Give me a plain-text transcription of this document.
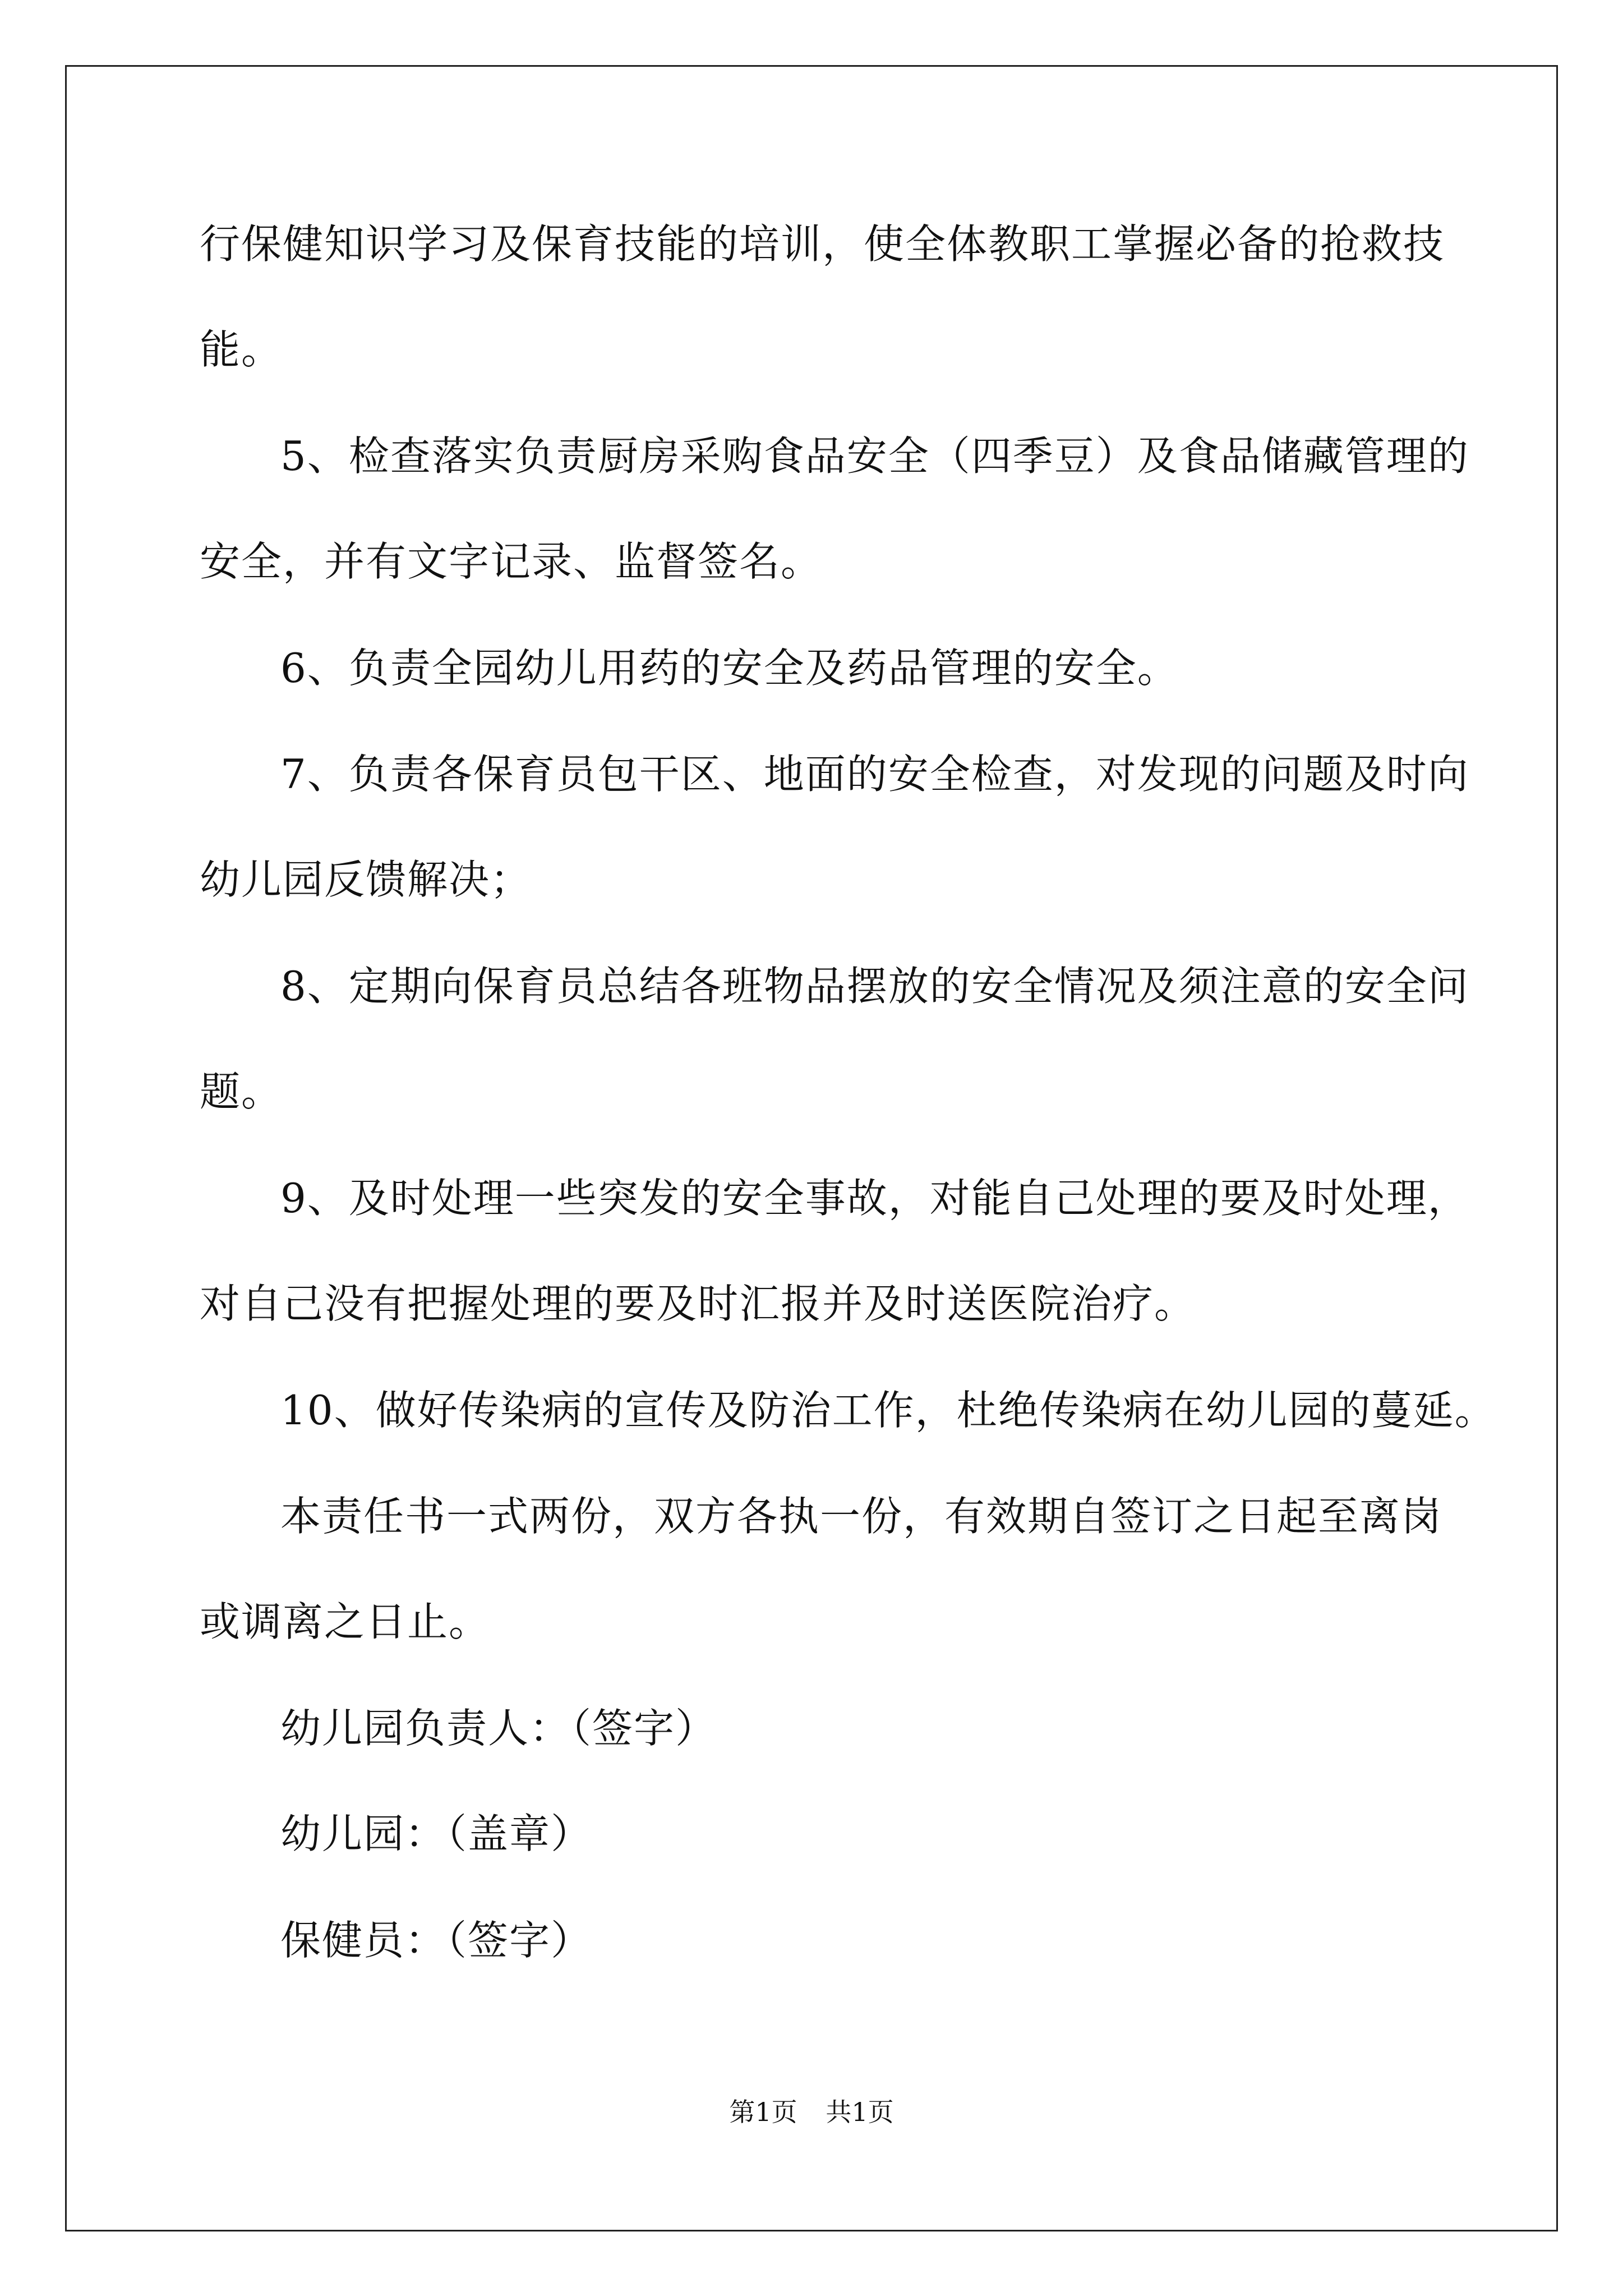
行保健知识学习及保育技能的培训，使全体教职工掌握必备的抢救技
能。
5、检查落实负责厨房采购食品安全（四季豆）及食品储藏管理的
安全，并有文字记录、监督签名。
6、负责全园幼儿用药的安全及药品管理的安全。
7、负责各保育员包干区、地面的安全检查，对发现的问题及时向
幼儿园反馈解决；
8、定期向保育员总结各班物品摆放的安全情况及须注意的安全问
题。
9、及时处理一些突发的安全事故，对能自己处理的要及时处理，
对自己没有把握处理的要及时汇报并及时送医院治疗。
10、做好传染病的宣传及防治工作，杜绝传染病在幼儿园的蔓延。
本责任书一式两份，双方各执一份，有效期自签订之日起至离岗
或调离之日止。
幼儿园负责人：（签字）
幼儿园：（盖章）
保健员：（签字）
第1页 共1页
